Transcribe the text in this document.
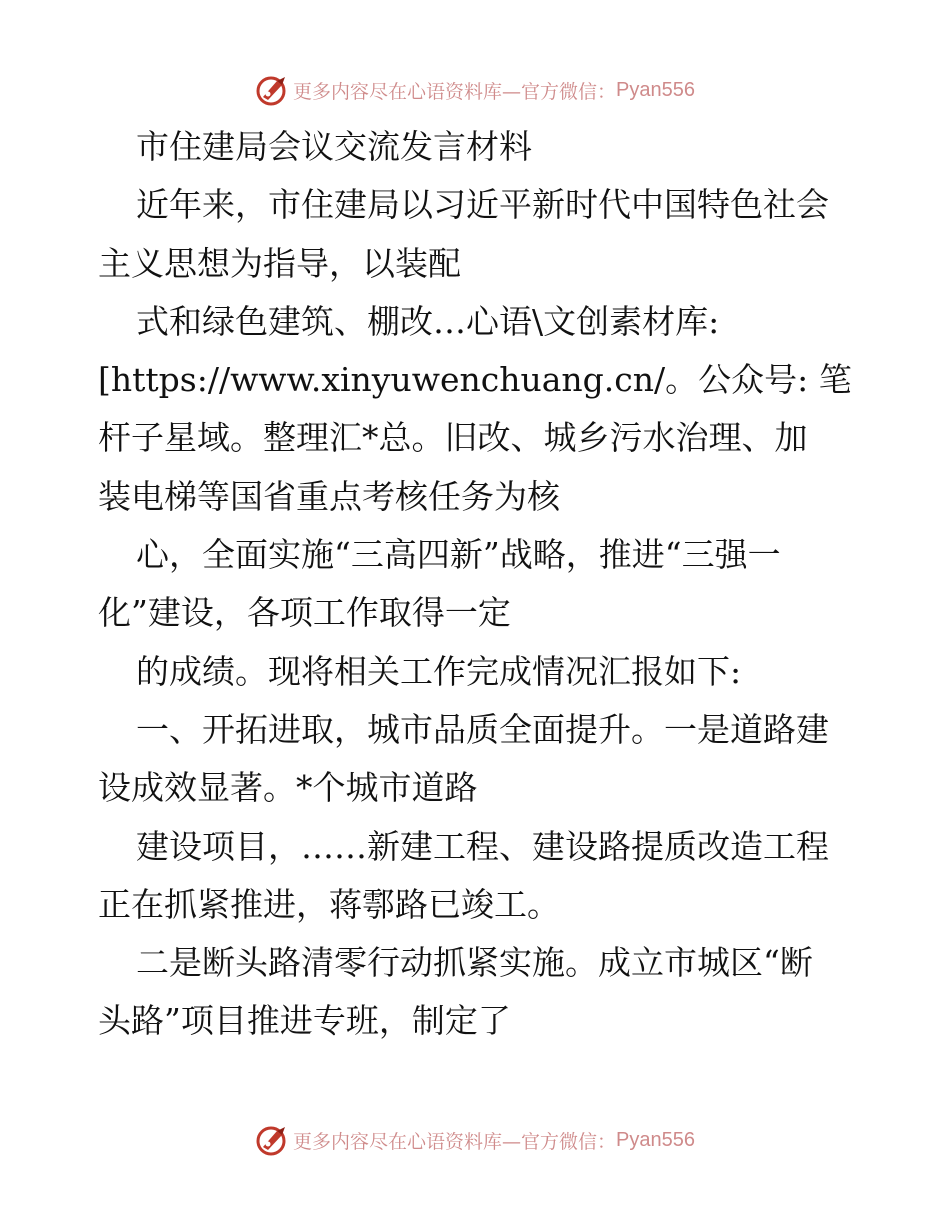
更多内容尽在心语资料库—官方微信： Pyan556
市住建局会议交流发言材料
近年来，市住建局以习近平新时代中国特色社会
主义思想为指导，以装配
式和绿色建筑、棚改…心语\文创素材库:
[https://www.xinyuwenchuang.cn/。公众号: 笔
杆子星域。整理汇*总。旧改、城乡污水治理、加
装电梯等国省重点考核任务为核
心，全面实施“三高四新”战略，推进“三强一
化”建设，各项工作取得一定
的成绩。现将相关工作完成情况汇报如下:
一、开拓进取，城市品质全面提升。一是道路建
设成效显著。*个城市道路
建设项目，……新建工程、建设路提质改造工程
正在抓紧推进，蒋鄠路已竣工。
二是断头路清零行动抓紧实施。成立市城区“断
头路”项目推进专班，制定了
更多内容尽在心语资料库—官方微信： Pyan556
